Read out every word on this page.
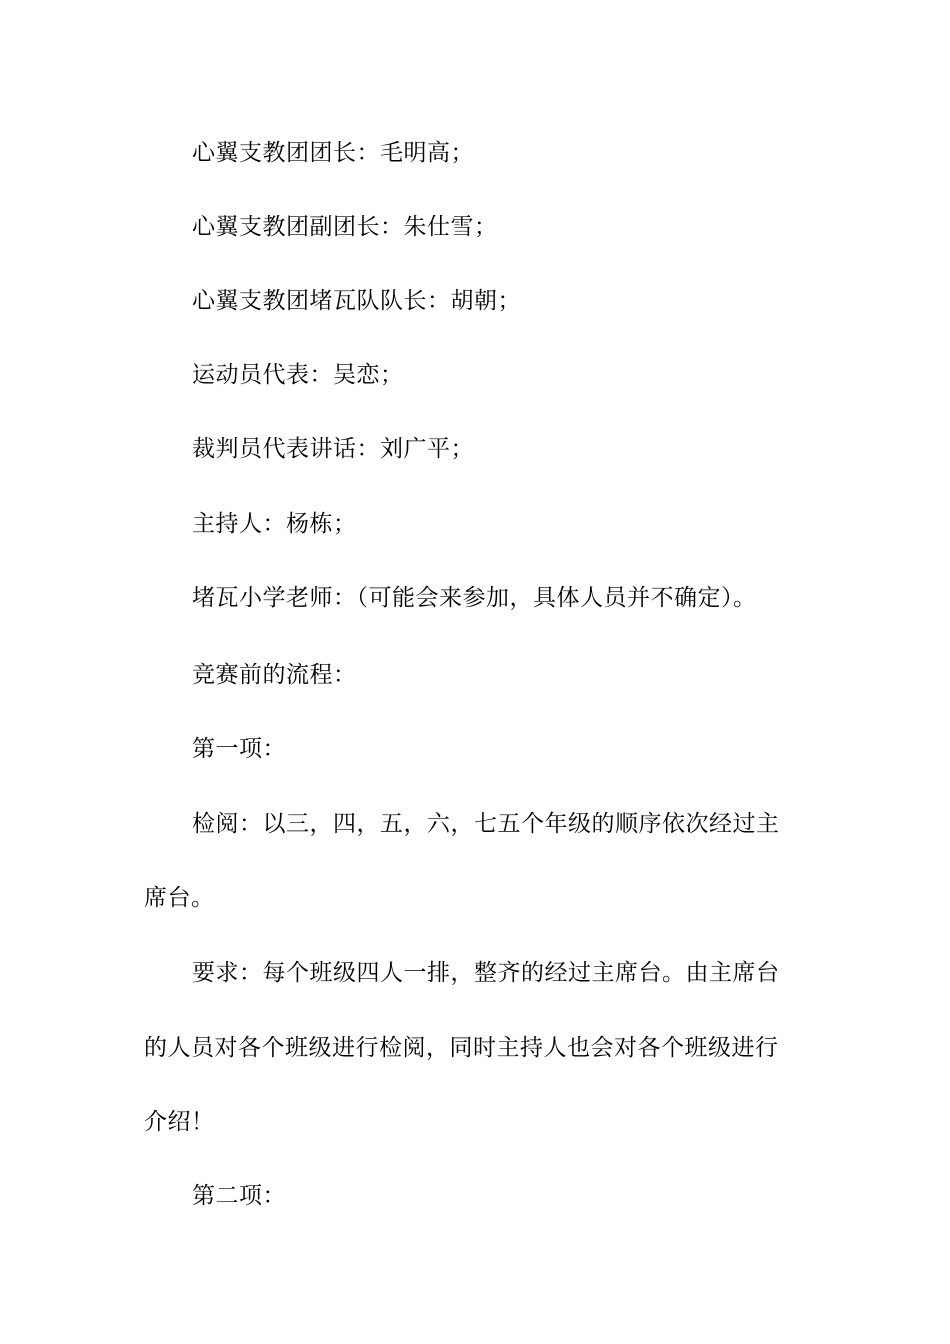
心翼支教团团长：毛明高；
心翼支教团副团长：朱仕雪；
心翼支教团堵瓦队队长：胡朝；
运动员代表：吴恋；
裁判员代表讲话：刘广平；
主持人：杨栋；
堵瓦小学老师：（可能会来参加，具体人员并不确定）。
竞赛前的流程：
第一项：
检阅：以三，四，五，六，七五个年级的顺序依次经过主
席台。
要求：每个班级四人一排，整齐的经过主席台。由主席台
的人员对各个班级进行检阅，同时主持人也会对各个班级进行
介绍！
第二项：
